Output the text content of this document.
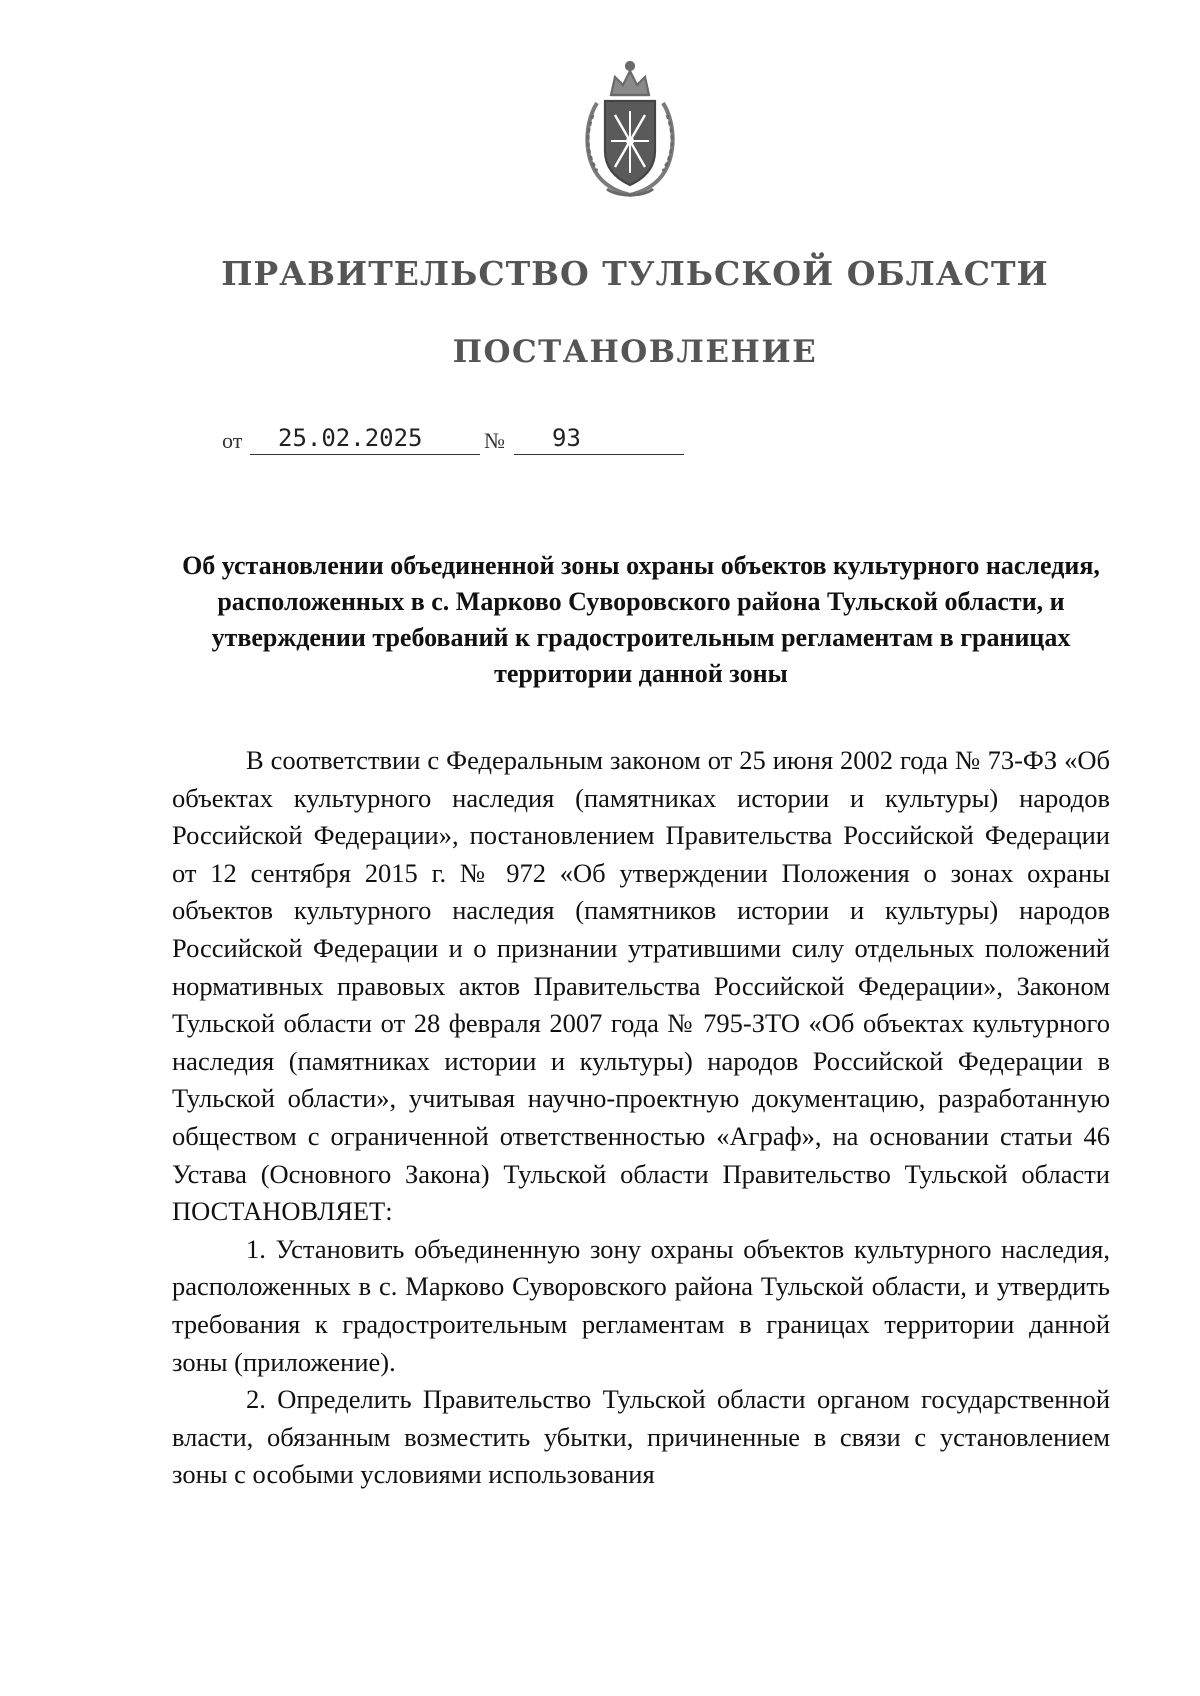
ПРАВИТЕЛЬСТВО ТУЛЬСКОЙ ОБЛАСТИ
ПОСТАНОВЛЕНИЕ
от 25.02.2025	№ 93
Об установлении объединенной зоны охраны объектов культурного наследия, расположенных в с. Марково Суворовского района Тульской области, и утверждении требований к градостроительным регламентам в границах территории данной зоны

В соответствии с Федеральным законом от 25 июня 2002 года № 73-ФЗ «Об объектах культурного наследия (памятниках истории и культуры) народов Российской Федерации», постановлением Правительства Российской Федерации от 12 сентября 2015 г. № 972 «Об утверждении Положения о зонах охраны объектов культурного наследия (памятников истории и культуры) народов Российской Федерации и о признании утратившими силу отдельных положений нормативных правовых актов Правительства Российской Федерации», Законом Тульской области от 28 февраля 2007 года № 795-ЗТО «Об объектах культурного наследия (памятниках истории и культуры) народов Российской Федерации в Тульской области», учитывая научно-проектную документацию, разработанную обществом с ограниченной ответственностью «Аграф», на основании статьи 46 Устава (Основного Закона) Тульской области Правительство Тульской области ПОСТАНОВЛЯЕТ:

1. Установить объединенную зону охраны объектов культурного наследия, расположенных в с. Марково Суворовского района Тульской области, и утвердить требования к градостроительным регламентам в границах территории данной зоны (приложение).

2. Определить Правительство Тульской области органом государственной власти, обязанным возместить убытки, причиненные в связи с установлением зоны с особыми условиями использования
